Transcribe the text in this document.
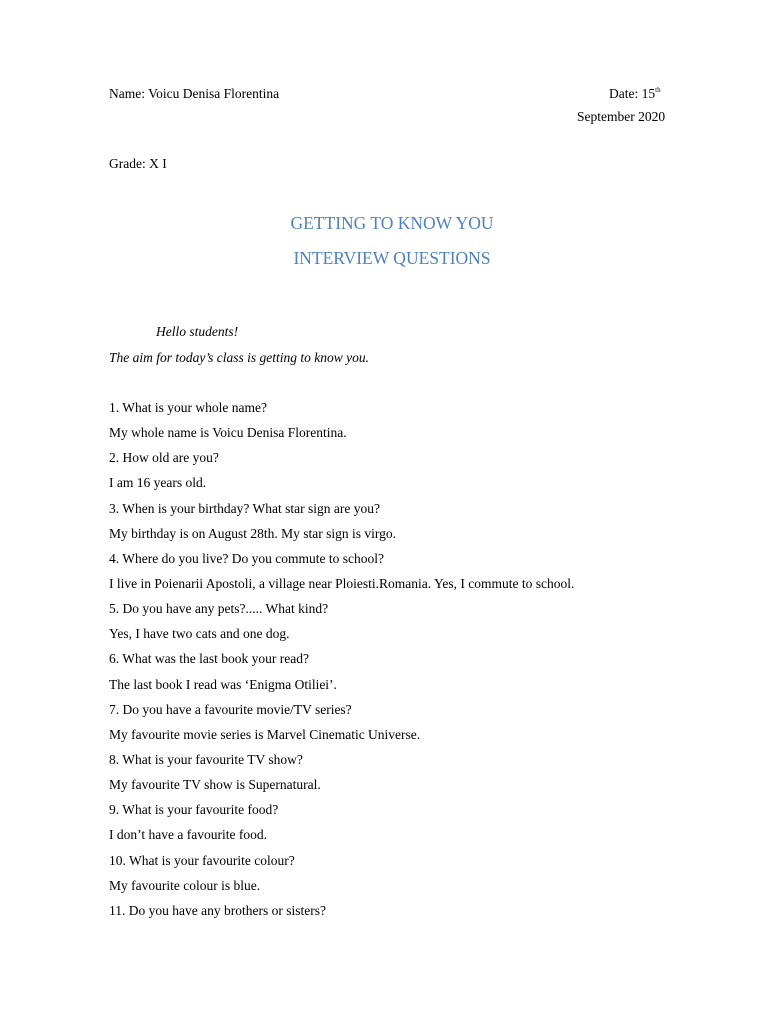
Name: Voicu Denisa Florentina	Date: 15th
September 2020
Grade: X I
GETTING TO KNOW YOU
INTERVIEW QUESTIONS
Hello students!
The aim for today’s class is getting to know you.
1. What is your whole name?
My whole name is Voicu Denisa Florentina.
2. How old are you?
I am 16 years old.
3. When is your birthday? What star sign are you?
My birthday is on August 28th. My star sign is virgo.
4. Where do you live? Do you commute to school?
I live in Poienarii Apostoli, a village near Ploiesti.Romania. Yes, I commute to school.
5. Do you have any pets?..... What kind?
Yes, I have two cats and one dog.
6. What was the last book your read?
The last book I read was ‘Enigma Otiliei’.
7. Do you have a favourite movie/TV series?
My favourite movie series is Marvel Cinematic Universe.
8. What is your favourite TV show?
My favourite TV show is Supernatural.
9. What is your favourite food?
I don’t have a favourite food.
10. What is your favourite colour?
My favourite colour is blue.
11. Do you have any brothers or sisters?
